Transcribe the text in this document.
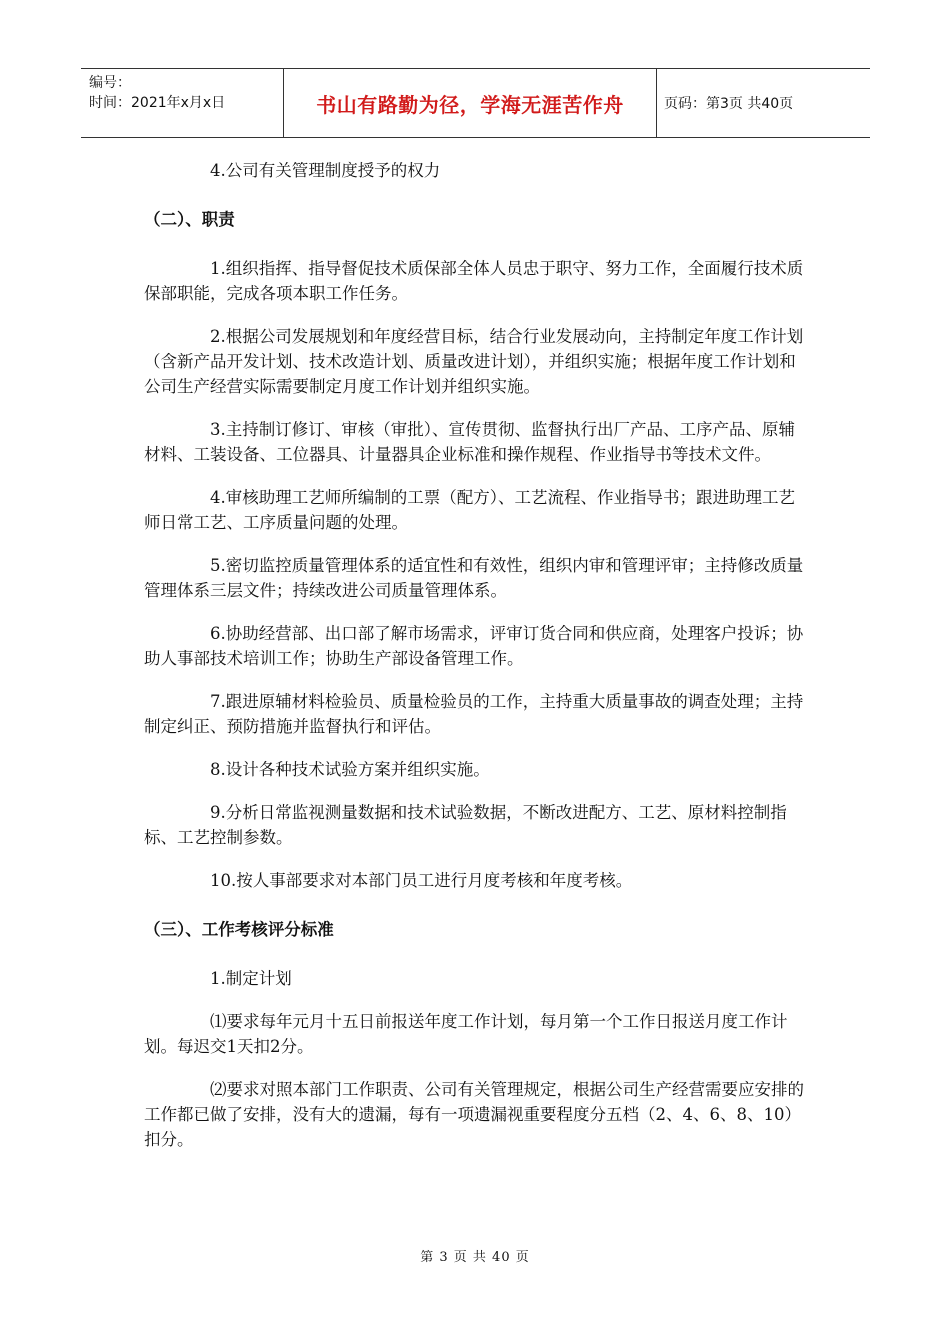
编号：
时间：2021年x月x日	书山有路勤为径，学海无涯苦作舟	页码：第3页 共40页

4.公司有关管理制度授予的权力

（二）、职责

1.组织指挥、指导督促技术质保部全体人员忠于职守、努力工作，全面履行技术质保部职能，完成各项本职工作任务。

2.根据公司发展规划和年度经营目标，结合行业发展动向，主持制定年度工作计划（含新产品开发计划、技术改造计划、质量改进计划），并组织实施；根据年度工作计划和公司生产经营实际需要制定月度工作计划并组织实施。

3.主持制订修订、审核（审批）、宣传贯彻、监督执行出厂产品、工序产品、原辅材料、工装设备、工位器具、计量器具企业标准和操作规程、作业指导书等技术文件。

4.审核助理工艺师所编制的工票（配方）、工艺流程、作业指导书；跟进助理工艺师日常工艺、工序质量问题的处理。

5.密切监控质量管理体系的适宜性和有效性，组织内审和管理评审；主持修改质量管理体系三层文件；持续改进公司质量管理体系。

6.协助经营部、出口部了解市场需求，评审订货合同和供应商，处理客户投诉；协助人事部技术培训工作；协助生产部设备管理工作。

7.跟进原辅材料检验员、质量检验员的工作，主持重大质量事故的调查处理；主持制定纠正、预防措施并监督执行和评估。

8.设计各种技术试验方案并组织实施。

9.分析日常监视测量数据和技术试验数据，不断改进配方、工艺、原材料控制指标、工艺控制参数。

10.按人事部要求对本部门员工进行月度考核和年度考核。

（三）、工作考核评分标准

1.制定计划

⑴要求每年元月十五日前报送年度工作计划，每月第一个工作日报送月度工作计划。每迟交1天扣2分。

⑵要求对照本部门工作职责、公司有关管理规定，根据公司生产经营需要应安排的工作都已做了安排，没有大的遗漏，每有一项遗漏视重要程度分五档（2、4、6、8、10）扣分。

第 3 页 共 40 页
